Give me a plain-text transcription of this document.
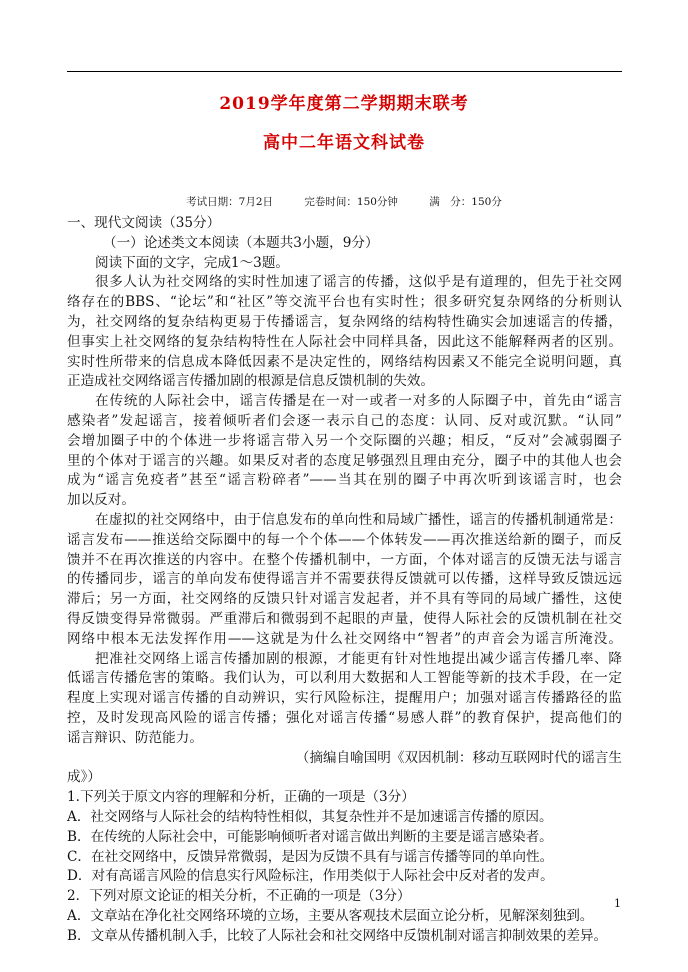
2019学年度第二学期期末联考
高中二年语文科试卷
考试日期：7月2日	完卷时间：150分钟	满　分：150分
一、现代文阅读（35分）
（一）论述类文本阅读（本题共3小题，9分）
阅读下面的文字，完成1～3题。
很多人认为社交网络的实时性加速了谣言的传播，这似乎是有道理的，但先于社交网
络存在的BBS、“论坛”和“社区”等交流平台也有实时性；很多研究复杂网络的分析则认
为，社交网络的复杂结构更易于传播谣言，复杂网络的结构特性确实会加速谣言的传播，
但事实上社交网络的复杂结构特性在人际社会中同样具备，因此这不能解释两者的区别。
实时性所带来的信息成本降低因素不是决定性的，网络结构因素又不能完全说明问题，真
正造成社交网络谣言传播加剧的根源是信息反馈机制的失效。
在传统的人际社会中，谣言传播是在一对一或者一对多的人际圈子中，首先由“谣言
感染者”发起谣言，接着倾听者们会逐一表示自己的态度：认同、反对或沉默。“认同”
会增加圈子中的个体进一步将谣言带入另一个交际圈的兴趣；相反，“反对”会减弱圈子
里的个体对于谣言的兴趣。如果反对者的态度足够强烈且理由充分，圈子中的其他人也会
成为“谣言免疫者”甚至“谣言粉碎者”——当其在别的圈子中再次听到该谣言时，也会
加以反对。
在虚拟的社交网络中，由于信息发布的单向性和局域广播性，谣言的传播机制通常是：
谣言发布——推送给交际圈中的每一个个体——个体转发——再次推送给新的圈子，而反
馈并不在再次推送的内容中。在整个传播机制中，一方面，个体对谣言的反馈无法与谣言
的传播同步，谣言的单向发布使得谣言并不需要获得反馈就可以传播，这样导致反馈远远
滞后；另一方面，社交网络的反馈只针对谣言发起者，并不具有等同的局域广播性，这使
得反馈变得异常微弱。严重滞后和微弱到不起眼的声量，使得人际社会的反馈机制在社交
网络中根本无法发挥作用——这就是为什么社交网络中“智者”的声音会为谣言所淹没。
把准社交网络上谣言传播加剧的根源，才能更有针对性地提出减少谣言传播几率、降
低谣言传播危害的策略。我们认为，可以利用大数据和人工智能等新的技术手段，在一定
程度上实现对谣言传播的自动辨识，实行风险标注，提醒用户；加强对谣言传播路径的监
控，及时发现高风险的谣言传播；强化对谣言传播“易感人群”的教育保护，提高他们的
谣言辩识、防范能力。
（摘编自喻国明《双因机制：移动互联网时代的谣言生
成》）
1.下列关于原文内容的理解和分析，正确的一项是（3分）
A．社交网络与人际社会的结构特性相似，其复杂性并不是加速谣言传播的原因。
B．在传统的人际社会中，可能影响倾听者对谣言做出判断的主要是谣言感染者。
C．在社交网络中，反馈异常微弱，是因为反馈不具有与谣言传播等同的单向性。
D．对有高谣言风险的信息实行风险标注，作用类似于人际社会中反对者的发声。
2．下列对原文论证的相关分析，不正确的一项是（3分）
A．文章站在净化社交网络环境的立场，主要从客观技术层面立论分析，见解深刻独到。
B．文章从传播机制入手，比较了人际社会和社交网络中反馈机制对谣言抑制效果的差异。
1
